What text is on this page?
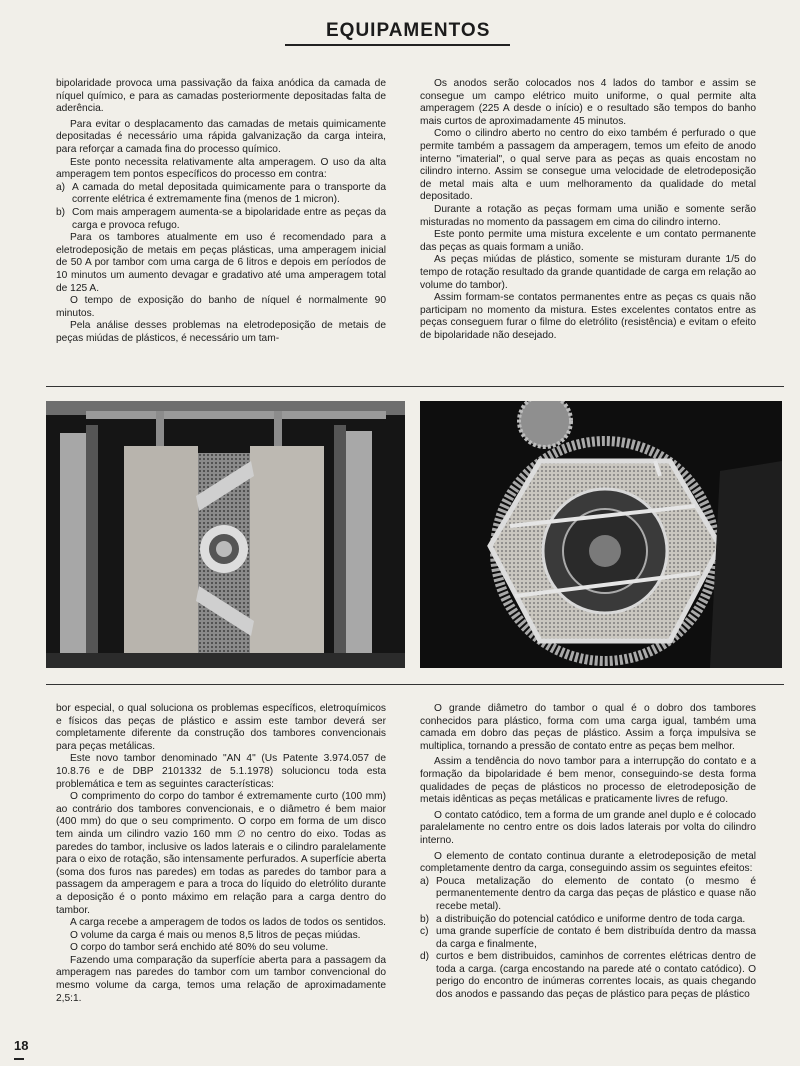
EQUIPAMENTOS

bipolaridade provoca uma passivação da faixa anódica da camada de níquel químico, e para as camadas posteriormente depositadas falta de aderência.

Para evitar o desplacamento das camadas de metais quimicamente depositadas é necessário uma rápida galvanização da carga inteira, para reforçar a camada fina do processo químico.

Este ponto necessita relativamente alta amperagem. O uso da alta amperagem tem pontos específicos do processo em contra:

a) A camada do metal depositada quimicamente para o transporte da corrente elétrica é extremamente fina (menos de 1 micron).
b) Com mais amperagem aumenta-se a bipolaridade entre as peças da carga e provoca refugo.

Para os tambores atualmente em uso é recomendado para a eletrodeposição de metais em peças plásticas, uma amperagem inicial de 50 A por tambor com uma carga de 6 litros e depois em períodos de 10 minutos um aumento devagar e gradativo até uma amperagem total de 125 A.

O tempo de exposição do banho de níquel é normalmente 90 minutos.

Pela análise desses problemas na eletrodeposição de metais de peças miúdas de plásticos, é necessário um tam-

Os anodos serão colocados nos 4 lados do tambor e assim se consegue um campo elétrico muito uniforme, o qual permite alta amperagem (225 A desde o início) e o resultado são tempos do banho mais curtos de aproximadamente 45 minutos.

Como o cilindro aberto no centro do eixo também é perfurado o que permite também a passagem da amperagem, temos um efeito de anodo interno "imaterial", o qual serve para as peças as quais encostam no cilindro interno. Assim se consegue uma velocidade de eletrodeposição de metal mais alta e uum melhoramento da qualidade do metal depositado.

Durante a rotação as peças formam uma união e somente serão misturadas no momento da passagem em cima do cilindro interno.

Este ponto permite uma mistura excelente e um contato permanente das peças as quais formam a união.

As peças miúdas de plástico, somente se misturam durante 1/5 do tempo de rotação resultado da grande quantidade de carga em relação ao volume do tambor).

Assim formam-se contatos permanentes entre as peças cs quais não participam no momento da mistura. Estes excelentes contatos entre as peças conseguem furar o filme do eletrólito (resistência) e evitam o efeito de bipolaridade não desejado.

bor especial, o qual soluciona os problemas específicos, eletroquímicos e físicos das peças de plástico e assim este tambor deverá ser completamente diferente da construção dos tambores convencionais para peças metálicas.

Este novo tambor denominado "AN 4" (Us Patente 3.974.057 de 10.8.76 e de DBP 2101332 de 5.1.1978) solucioncu toda esta problemática e tem as seguintes características:

O comprimento do corpo do tambor é extremamente curto (100 mm) ao contrário dos tambores convencionais, e o diâmetro é bem maior (400 mm) do que o seu comprimento. O corpo em forma de um disco tem ainda um cilindro vazio 160 mm ∅ no centro do eixo. Todas as paredes do tambor, inclusive os lados laterais e o cilindro paralelamente para o eixo de rotação, são intensamente perfurados. A superfície aberta (soma dos furos nas paredes) em todas as paredes do tambor para a passagem da amperagem e para a troca do líquido do eletrólito durante a deposição é o ponto máximo em relação para a carga dentro do tambor.

A carga recebe a amperagem de todos os lados de todos os sentidos.

O volume da carga é mais ou menos 8,5 litros de peças miúdas.

O corpo do tambor será enchido até 80% do seu volume.

Fazendo uma comparação da superfície aberta para a passagem da amperagem nas paredes do tambor com um tambor convencional do mesmo volume da carga, temos uma relação de aproximadamente 2,5:1.

O grande diâmetro do tambor o qual é o dobro dos tambores conhecidos para plástico, forma com uma carga igual, também uma camada em dobro das peças de plástico. Assim a força impulsiva se multiplica, tornando a pressão de contato entre as peças bem melhor.

Assim a tendência do novo tambor para a interrupção do contato e a formação da bipolaridade é bem menor, conseguindo-se desta forma qualidades de peças de plásticos no processo de eletrodeposição de metais idênticas as peças metálicas e praticamente livres de refugo.

O contato catódico, tem a forma de um grande anel duplo e é colocado paralelamente no centro entre os dois lados laterais por volta do cilindro interno.

O elemento de contato continua durante a eletrodeposição de metal completamente dentro da carga, conseguindo assim os seguintes efeitos:

a) Pouca metalização do elemento de contato (o mesmo é permanentemente dentro da carga das peças de plástico e quase não recebe metal).
b) a distribuição do potencial catódico e uniforme dentro de toda carga.
c) uma grande superfície de contato é bem distribuída dentro da massa da carga e finalmente,
d) curtos e bem distribuidos, caminhos de correntes elétricas dentro de toda a carga. (carga encostando na parede até o contato catódico). O perigo do encontro de inúmeras correntes locais, as quais chegando dos anodos e passando das peças de plástico para peças de plástico
18
